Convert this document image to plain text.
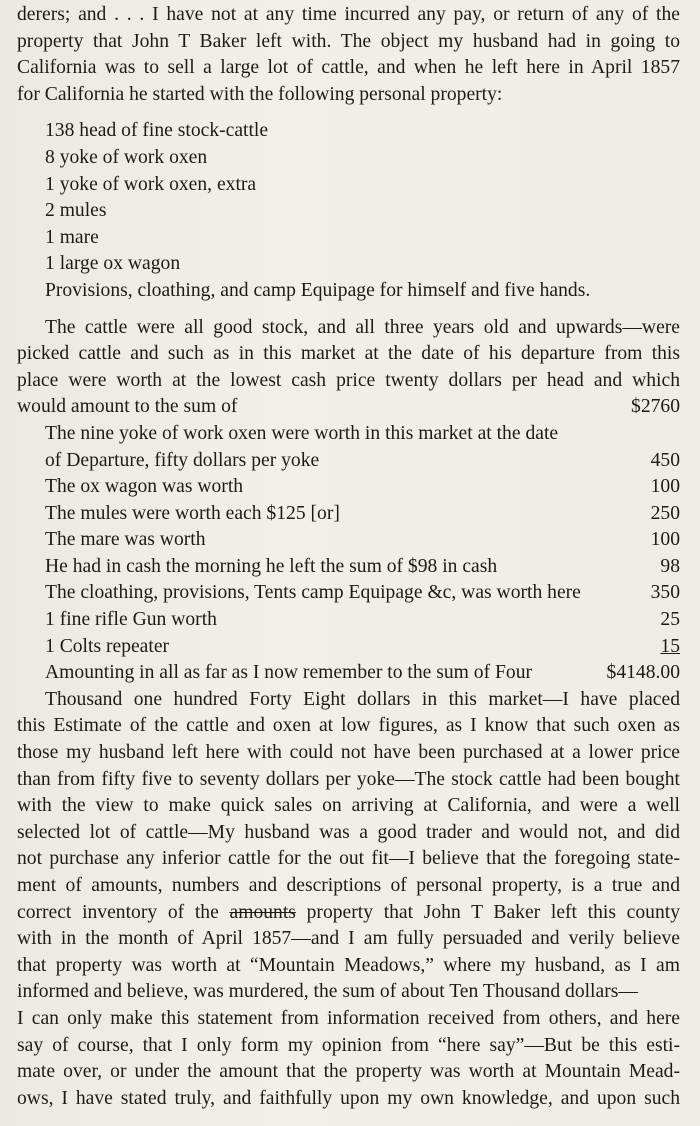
derers; and . . . I have not at any time incurred any pay, or return of any of the
property that John T Baker left with. The object my husband had in going to
California was to sell a large lot of cattle, and when he left here in April 1857
for California he started with the following personal property:
138 head of fine stock-cattle
8 yoke of work oxen
1 yoke of work oxen, extra
2 mules
1 mare
1 large ox wagon
Provisions, cloathing, and camp Equipage for himself and five hands.
The cattle were all good stock, and all three years old and upwards—were
picked cattle and such as in this market at the date of his departure from this
place were worth at the lowest cash price twenty dollars per head and which
would amount to the sum of	$2760
The nine yoke of work oxen were worth in this market at the date
of Departure, fifty dollars per yoke	450
The ox wagon was worth	100
The mules were worth each $125 [or]	250
The mare was worth	100
He had in cash the morning he left the sum of $98 in cash	98
The cloathing, provisions, Tents camp Equipage &c, was worth here	350
1 fine rifle Gun worth	25
1 Colts repeater	15
Amounting in all as far as I now remember to the sum of Four	$4148.00
Thousand one hundred Forty Eight dollars in this market—I have placed
this Estimate of the cattle and oxen at low figures, as I know that such oxen as
those my husband left here with could not have been purchased at a lower price
than from fifty five to seventy dollars per yoke—The stock cattle had been bought
with the view to make quick sales on arriving at California, and were a well
selected lot of cattle—My husband was a good trader and would not, and did
not purchase any inferior cattle for the out fit—I believe that the foregoing state-
ment of amounts, numbers and descriptions of personal property, is a true and
correct inventory of the amounts property that John T Baker left this county
with in the month of April 1857—and I am fully persuaded and verily believe
that property was worth at “Mountain Meadows,” where my husband, as I am
informed and believe, was murdered, the sum of about Ten Thousand dollars—
I can only make this statement from information received from others, and here
say of course, that I only form my opinion from “here say”—But be this esti-
mate over, or under the amount that the property was worth at Mountain Mead-
ows, I have stated truly, and faithfully upon my own knowledge, and upon such
